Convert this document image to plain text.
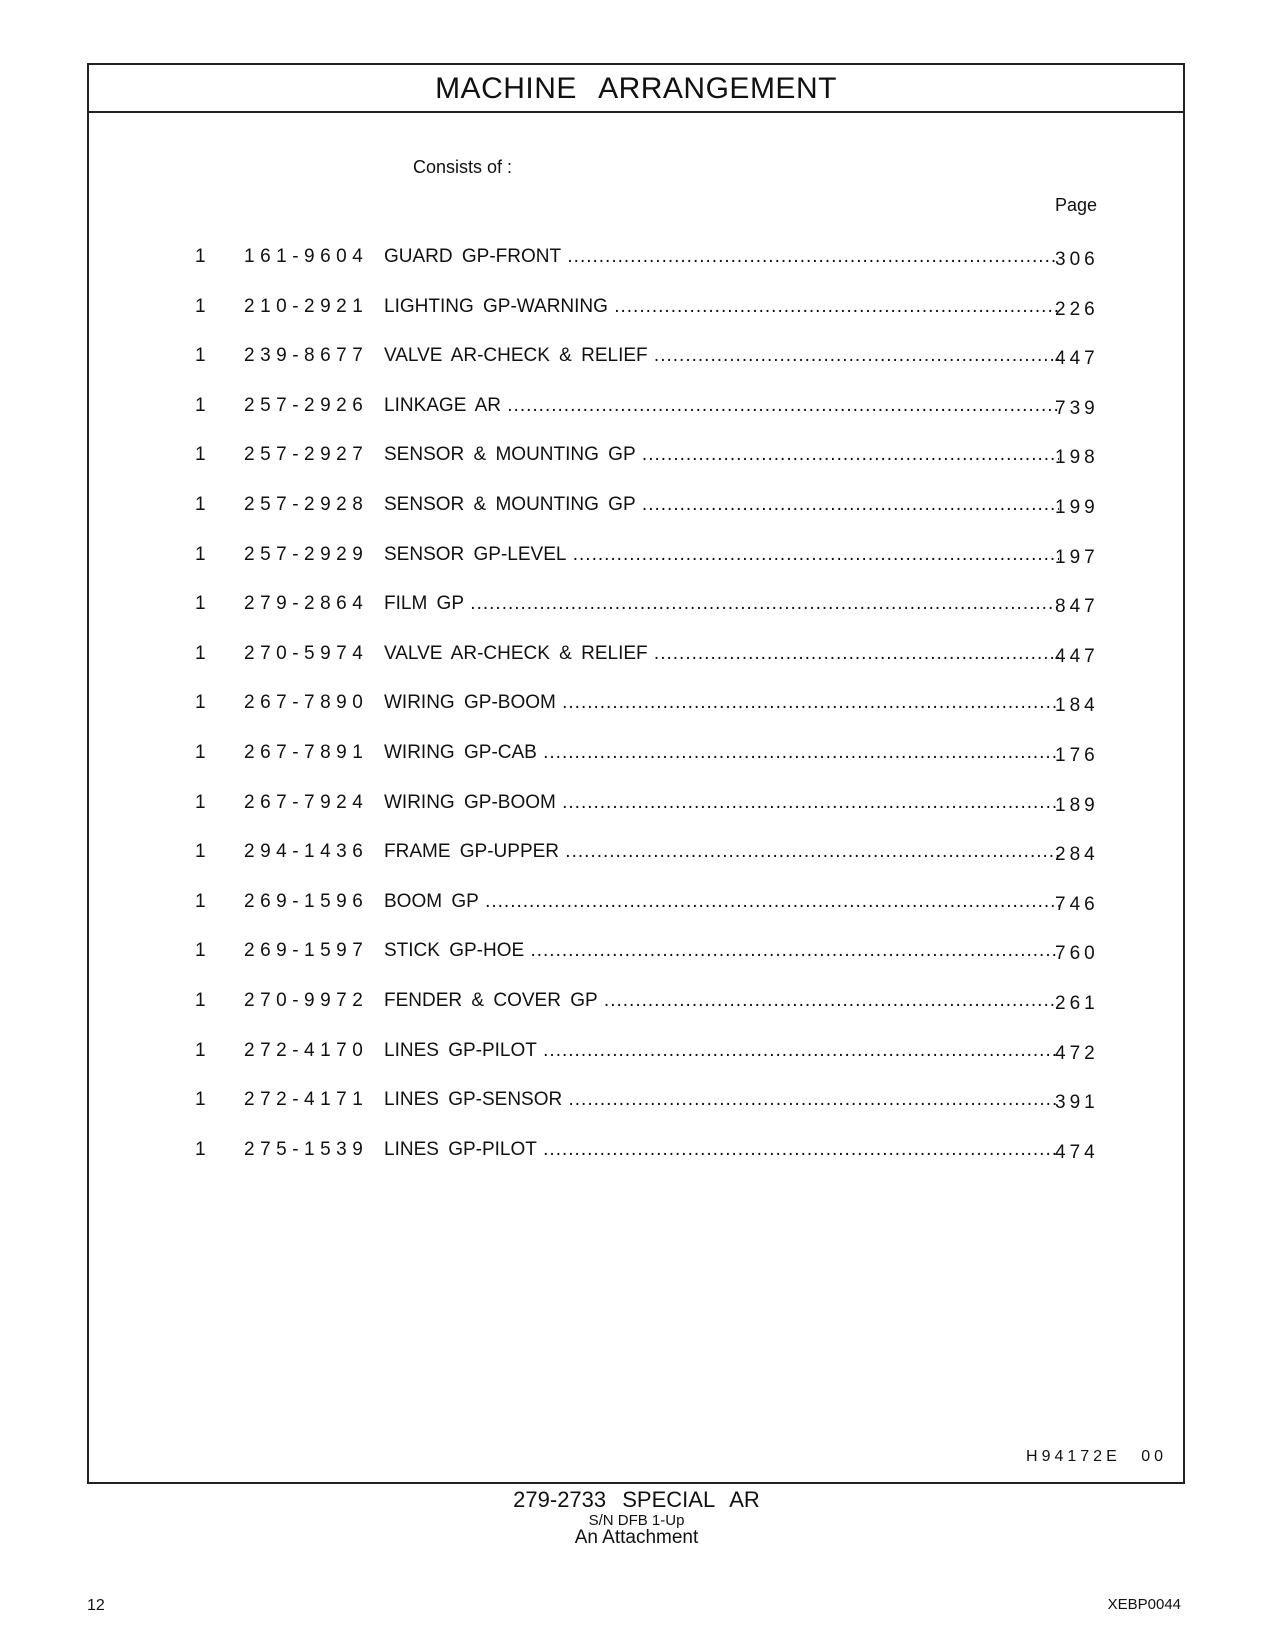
MACHINE ARRANGEMENT
Consists of :
Page
1 161-9604 GUARD GP-FRONT .....	306
1 210-2921 LIGHTING GP-WARNING .....	226
1 239-8677 VALVE AR-CHECK & RELIEF .....	447
1 257-2926 LINKAGE AR .....	739
1 257-2927 SENSOR & MOUNTING GP .....	198
1 257-2928 SENSOR & MOUNTING GP .....	199
1 257-2929 SENSOR GP-LEVEL .....	197
1 279-2864 FILM GP .....	847
1 270-5974 VALVE AR-CHECK & RELIEF .....	447
1 267-7890 WIRING GP-BOOM .....	184
1 267-7891 WIRING GP-CAB .....	176
1 267-7924 WIRING GP-BOOM .....	189
1 294-1436 FRAME GP-UPPER .....	284
1 269-1596 BOOM GP .....	746
1 269-1597 STICK GP-HOE .....	760
1 270-9972 FENDER & COVER GP .....	261
1 272-4170 LINES GP-PILOT .....	472
1 272-4171 LINES GP-SENSOR .....	391
1 275-1539 LINES GP-PILOT .....	474
H94172E 00
279-2733 SPECIAL AR
S/N DFB 1-Up
An Attachment
12	XEBP0044
